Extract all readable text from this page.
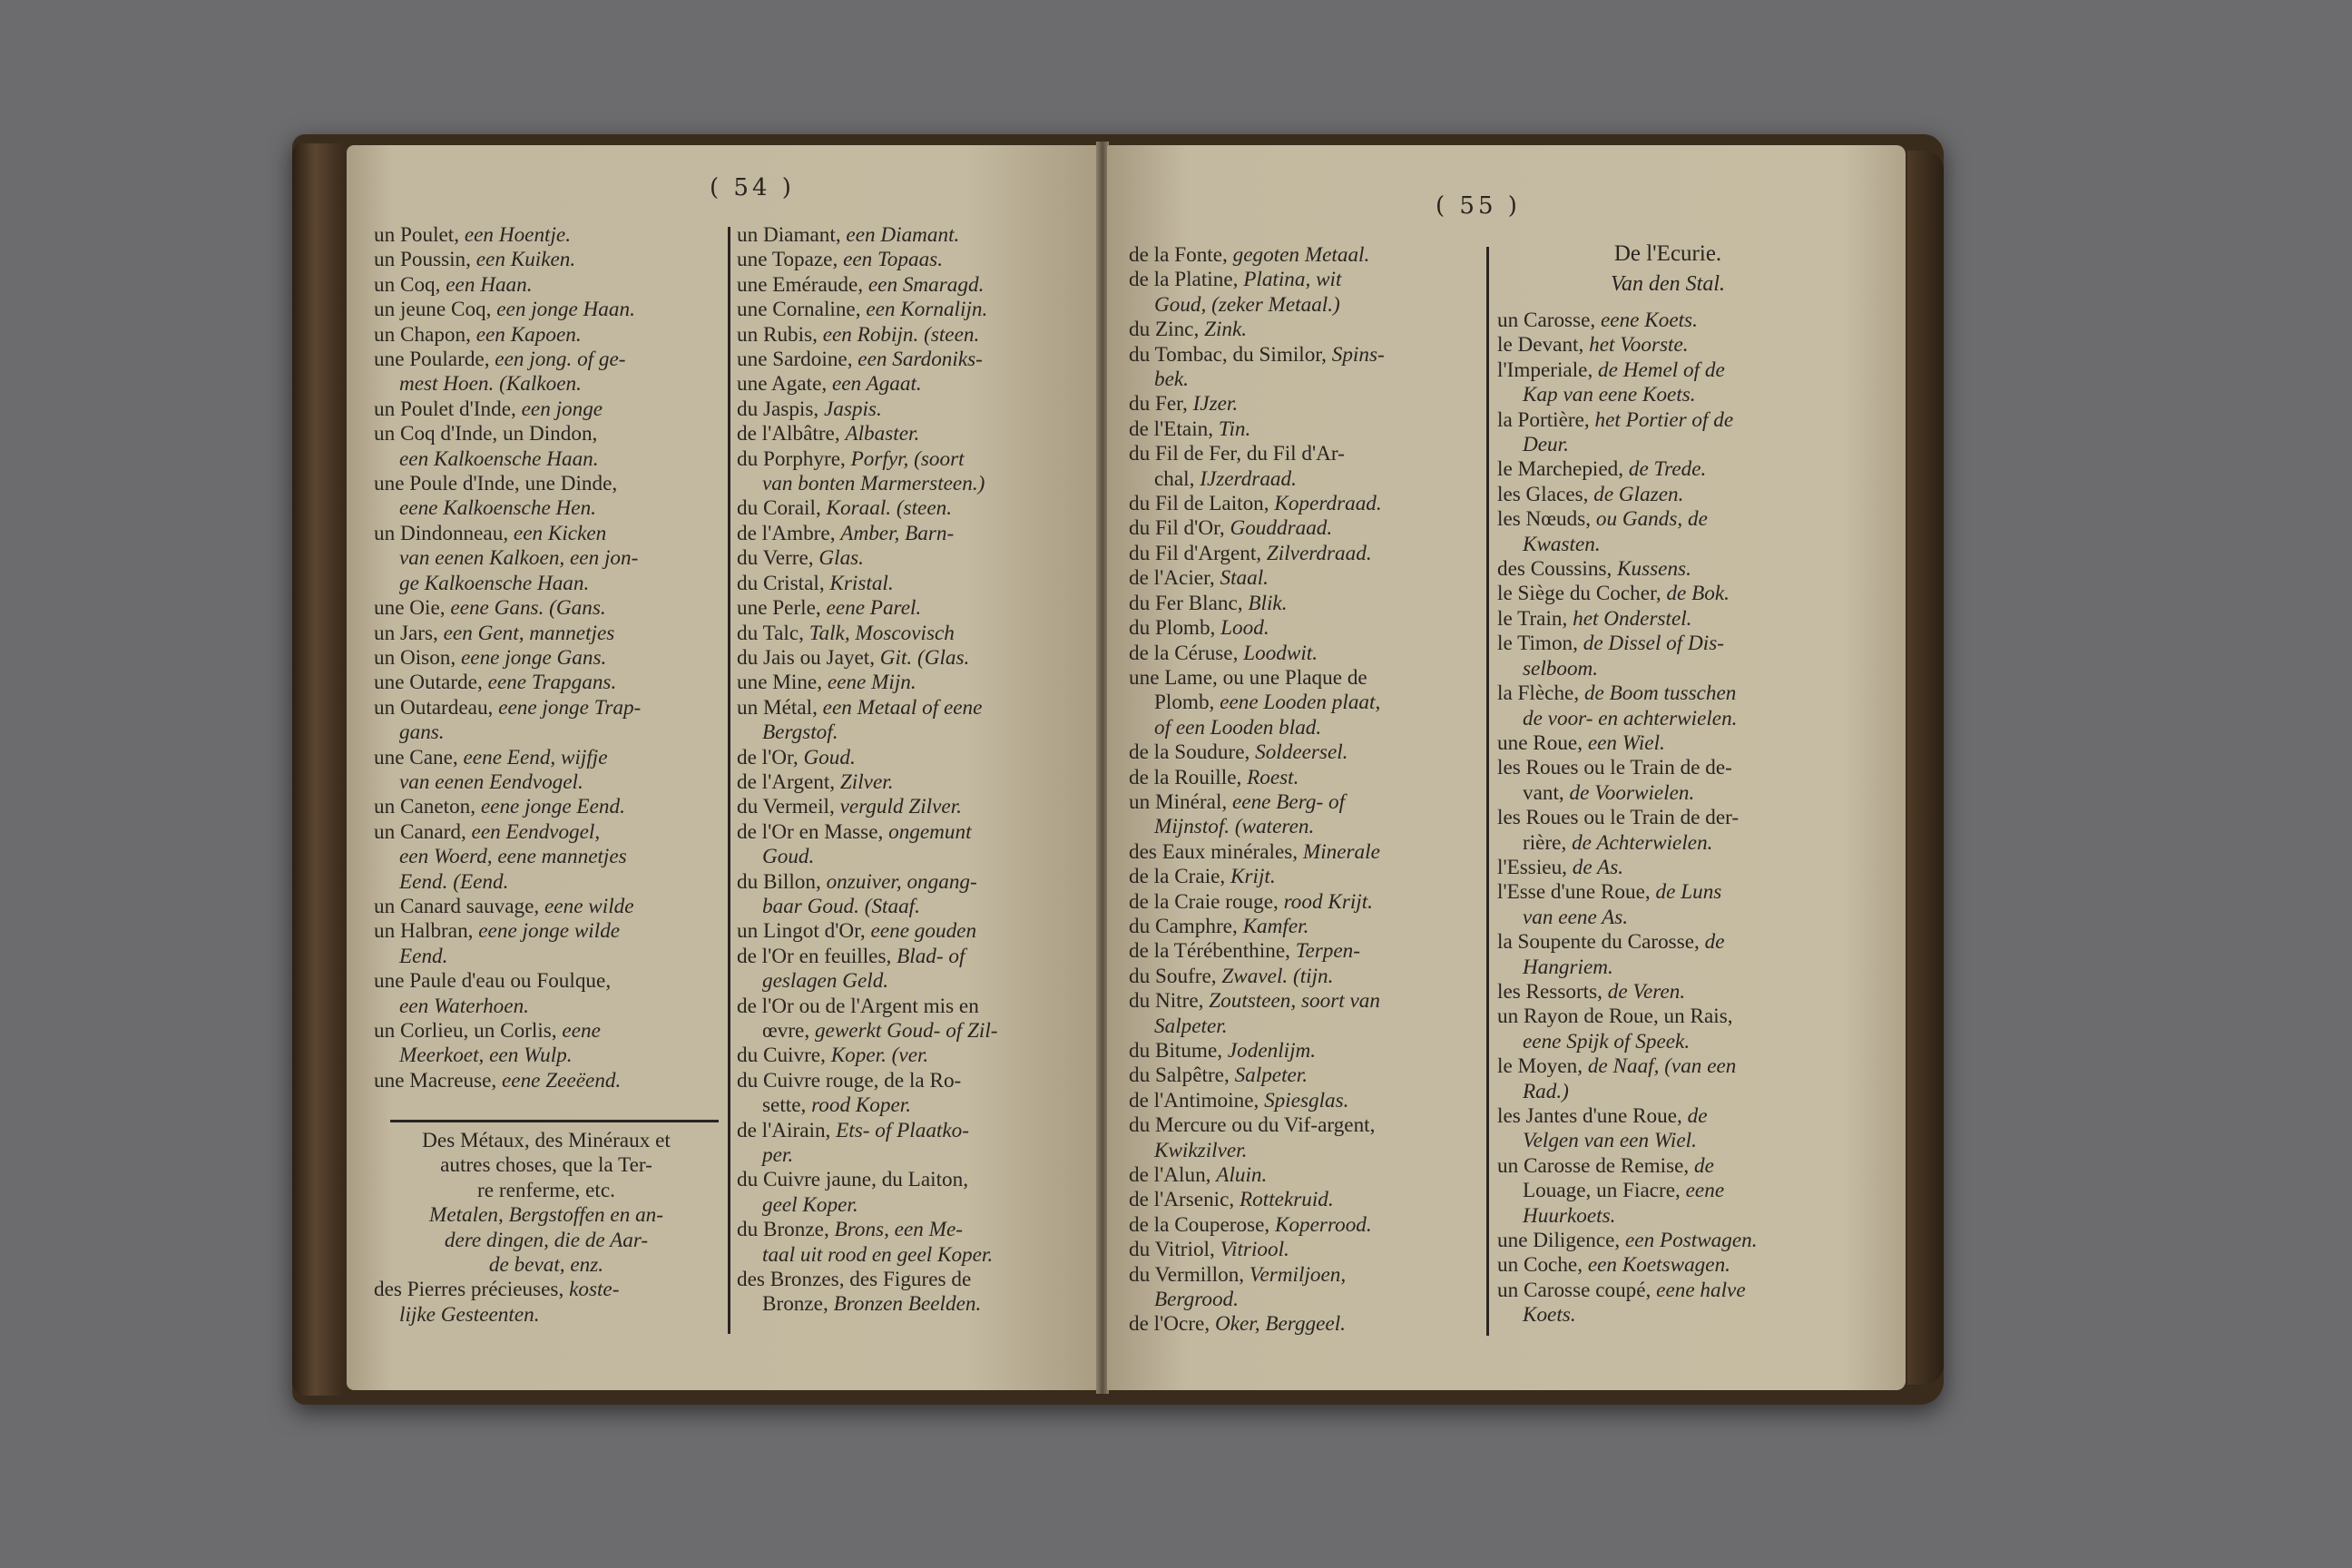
( 54 )

un Poulet, een Hoentje.

un Poussin, een Kuiken.

un Coq, een Haan.

un jeune Coq, een jonge Haan.

un Chapon, een Kapoen.

une Poularde, een jong. of ge-

mest Hoen. (Kalkoen.

un Poulet d'Inde, een jonge

un Coq d'Inde, un Dindon,

een Kalkoensche Haan.

une Poule d'Inde, une Dinde,

eene Kalkoensche Hen.

un Dindonneau, een Kicken

van eenen Kalkoen, een jon-

ge Kalkoensche Haan.

une Oie, eene Gans. (Gans.

un Jars, een Gent, mannetjes

un Oison, eene jonge Gans.

une Outarde, eene Trapgans.

un Outardeau, eene jonge Trap-

gans.

une Cane, eene Eend, wijfje

van eenen Eendvogel.

un Caneton, eene jonge Eend.

un Canard, een Eendvogel,

een Woerd, eene mannetjes

Eend. (Eend.

un Canard sauvage, eene wilde

un Halbran, eene jonge wilde

Eend.

une Paule d'eau ou Foulque,

een Waterhoen.

un Corlieu, un Corlis, eene

Meerkoet, een Wulp.

une Macreuse, eene Zeeëend.

Des Métaux, des Minéraux et

autres choses, que la Ter-

re renferme, etc.

Metalen, Bergstoffen en an-

dere dingen, die de Aar-

de bevat, enz.

des Pierres précieuses, koste-

lijke Gesteenten.

un Diamant, een Diamant.

une Topaze, een Topaas.

une Eméraude, een Smaragd.

une Cornaline, een Kornalijn.

un Rubis, een Robijn. (steen.

une Sardoine, een Sardoniks-

une Agate, een Agaat.

du Jaspis, Jaspis.

de l'Albâtre, Albaster.

du Porphyre, Porfyr, (soort

van bonten Marmersteen.)

du Corail, Koraal. (steen.

de l'Ambre, Amber, Barn-

du Verre, Glas.

du Cristal, Kristal.

une Perle, eene Parel.

du Talc, Talk, Moscovisch

du Jais ou Jayet, Git. (Glas.

une Mine, eene Mijn.

un Métal, een Metaal of eene

Bergstof.

de l'Or, Goud.

de l'Argent, Zilver.

du Vermeil, verguld Zilver.

de l'Or en Masse, ongemunt

Goud.

du Billon, onzuiver, ongang-

baar Goud. (Staaf.

un Lingot d'Or, eene gouden

de l'Or en feuilles, Blad- of

geslagen Geld.

de l'Or ou de l'Argent mis en

œvre, gewerkt Goud- of Zil-

du Cuivre, Koper. (ver.

du Cuivre rouge, de la Ro-

sette, rood Koper.

de l'Airain, Ets- of Plaatko-

per.

du Cuivre jaune, du Laiton,

geel Koper.

du Bronze, Brons, een Me-

taal uit rood en geel Koper.

des Bronzes, des Figures de

Bronze, Bronzen Beelden.

( 55 )

de la Fonte, gegoten Metaal.

de la Platine, Platina, wit

Goud, (zeker Metaal.)

du Zinc, Zink.

du Tombac, du Similor, Spins-

bek.

du Fer, IJzer.

de l'Etain, Tin.

du Fil de Fer, du Fil d'Ar-

chal, IJzerdraad.

du Fil de Laiton, Koperdraad.

du Fil d'Or, Gouddraad.

du Fil d'Argent, Zilverdraad.

de l'Acier, Staal.

du Fer Blanc, Blik.

du Plomb, Lood.

de la Céruse, Loodwit.

une Lame, ou une Plaque de

Plomb, eene Looden plaat,

of een Looden blad.

de la Soudure, Soldeersel.

de la Rouille, Roest.

un Minéral, eene Berg- of

Mijnstof. (wateren.

des Eaux minérales, Minerale

de la Craie, Krijt.

de la Craie rouge, rood Krijt.

du Camphre, Kamfer.

de la Térébenthine, Terpen-

du Soufre, Zwavel. (tijn.

du Nitre, Zoutsteen, soort van

Salpeter.

du Bitume, Jodenlijm.

du Salpêtre, Salpeter.

de l'Antimoine, Spiesglas.

du Mercure ou du Vif-argent,

Kwikzilver.

de l'Alun, Aluin.

de l'Arsenic, Rottekruid.

de la Couperose, Koperrood.

du Vitriol, Vitriool.

du Vermillon, Vermiljoen,

Bergrood.

de l'Ocre, Oker, Berggeel.

De l'Ecurie.
Van den Stal.

un Carosse, eene Koets.

le Devant, het Voorste.

l'Imperiale, de Hemel of de

Kap van eene Koets.

la Portière, het Portier of de

Deur.

le Marchepied, de Trede.

les Glaces, de Glazen.

les Nœuds, ou Gands, de

Kwasten.

des Coussins, Kussens.

le Siège du Cocher, de Bok.

le Train, het Onderstel.

le Timon, de Dissel of Dis-

selboom.

la Flèche, de Boom tusschen

de voor- en achterwielen.

une Roue, een Wiel.

les Roues ou le Train de de-

vant, de Voorwielen.

les Roues ou le Train de der-

rière, de Achterwielen.

l'Essieu, de As.

l'Esse d'une Roue, de Luns

van eene As.

la Soupente du Carosse, de

Hangriem.

les Ressorts, de Veren.

un Rayon de Roue, un Rais,

eene Spijk of Speek.

le Moyen, de Naaf, (van een

Rad.)

les Jantes d'une Roue, de

Velgen van een Wiel.

un Carosse de Remise, de

Louage, un Fiacre, eene

Huurkoets.

une Diligence, een Postwagen.

un Coche, een Koetswagen.

un Carosse coupé, eene halve

Koets.
